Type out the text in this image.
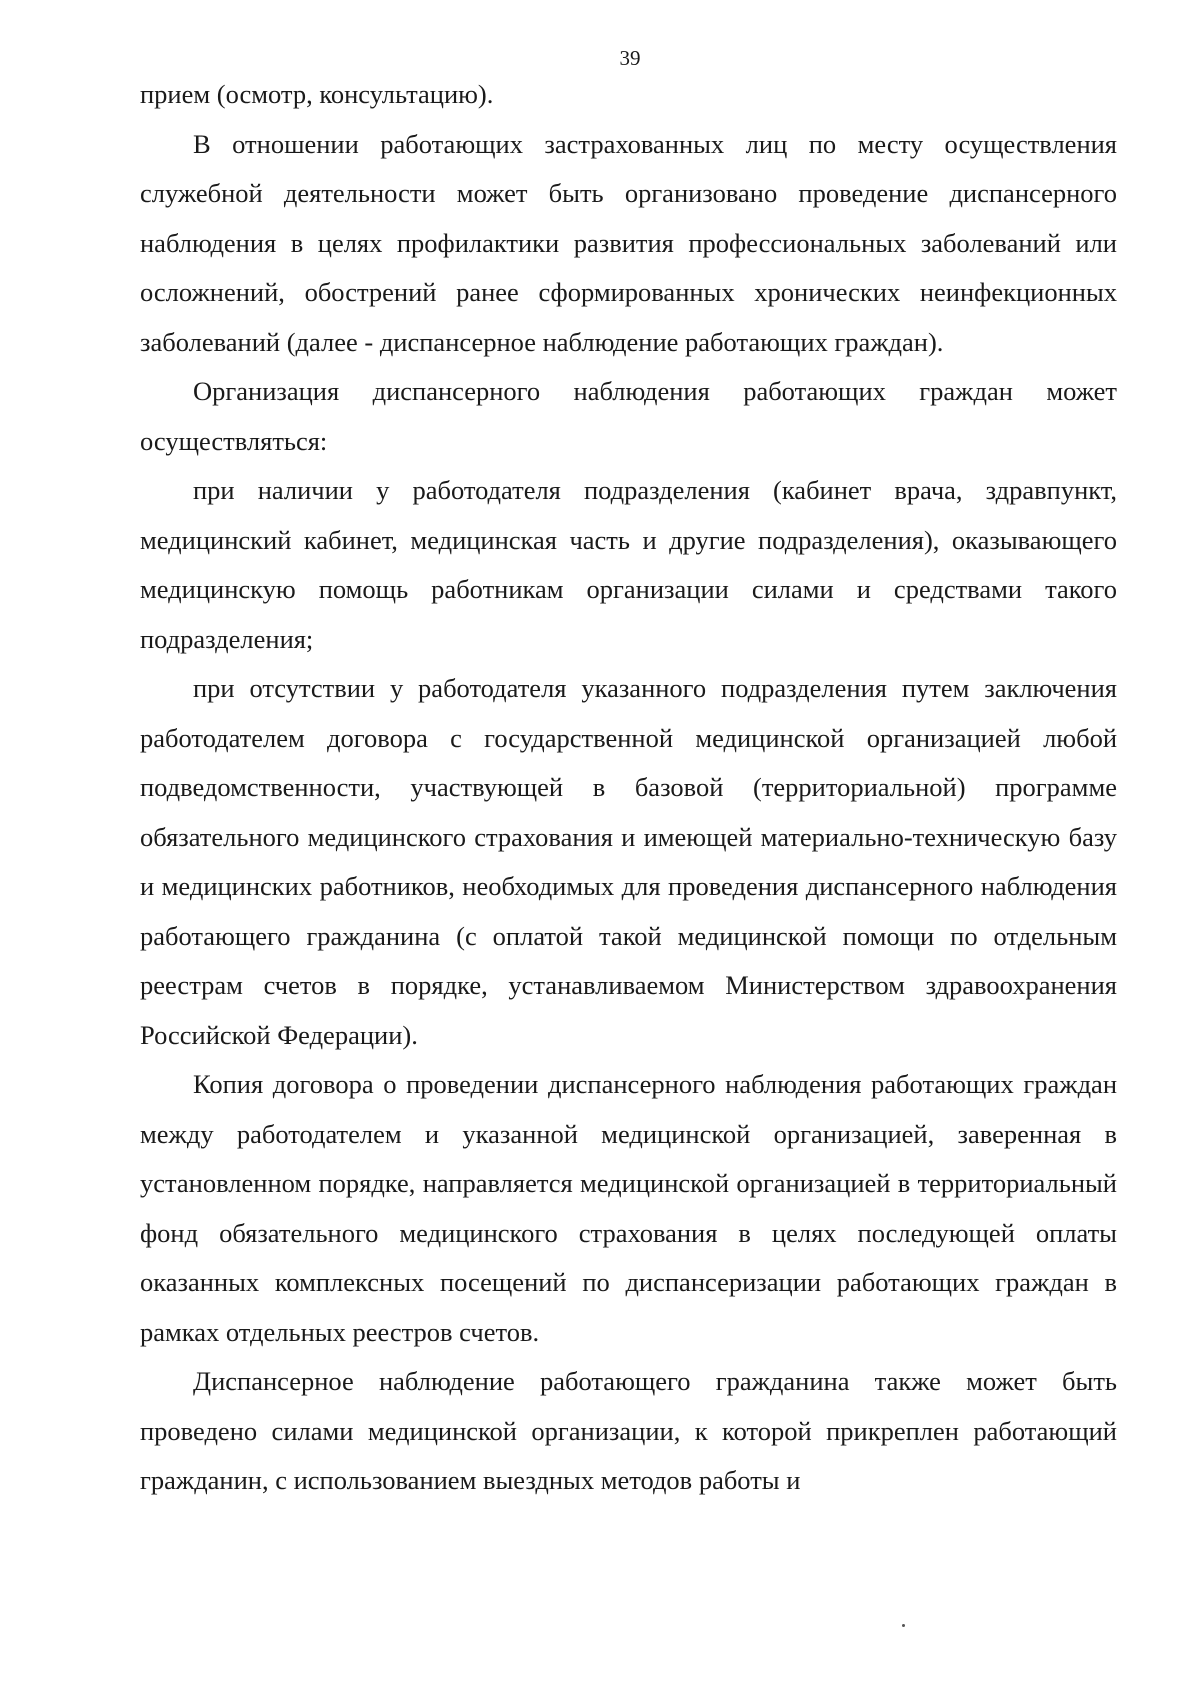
39

прием (осмотр, консультацию).

В отношении работающих застрахованных лиц по месту осуществления служебной деятельности может быть организовано проведение диспансерного наблюдения в целях профилактики развития профессиональных заболеваний или осложнений, обострений ранее сформированных хронических неинфекционных заболеваний (далее - диспансерное наблюдение работающих граждан).

Организация диспансерного наблюдения работающих граждан может осуществляться:

при наличии у работодателя подразделения (кабинет врача, здравпункт, медицинский кабинет, медицинская часть и другие подразделения), оказывающего медицинскую помощь работникам организации силами и средствами такого подразделения;

при отсутствии у работодателя указанного подразделения путем заключения работодателем договора с государственной медицинской организацией любой подведомственности, участвующей в базовой (территориальной) программе обязательного медицинского страхования и имеющей материально-техническую базу и медицинских работников, необходимых для проведения диспансерного наблюдения работающего гражданина (с оплатой такой медицинской помощи по отдельным реестрам счетов в порядке, устанавливаемом Министерством здравоохранения Российской Федерации).

Копия договора о проведении диспансерного наблюдения работающих граждан между работодателем и указанной медицинской организацией, заверенная в установленном порядке, направляется медицинской организацией в территориальный фонд обязательного медицинского страхования в целях последующей оплаты оказанных комплексных посещений по диспансеризации работающих граждан в рамках отдельных реестров счетов.

Диспансерное наблюдение работающего гражданина также может быть проведено силами медицинской организации, к которой прикреплен работающий гражданин, с использованием выездных методов работы и
